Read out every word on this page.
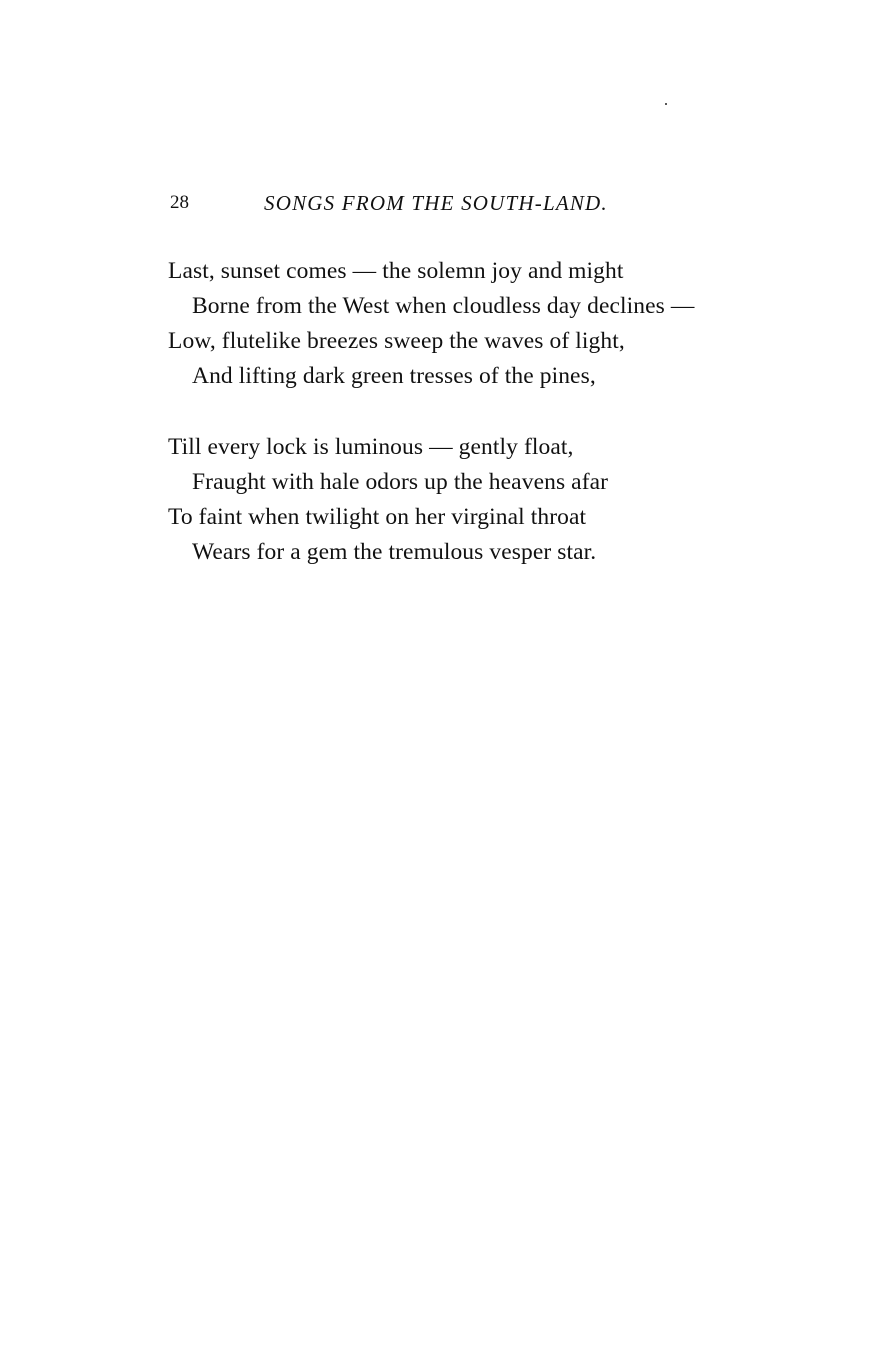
28	SONGS FROM THE SOUTH-LAND.

Last, sunset comes — the solemn joy and might
Borne from the West when cloudless day declines —
Low, flutelike breezes sweep the waves of light,
And lifting dark green tresses of the pines,

Till every lock is luminous — gently float,
Fraught with hale odors up the heavens afar
To faint when twilight on her virginal throat
Wears for a gem the tremulous vesper star.
